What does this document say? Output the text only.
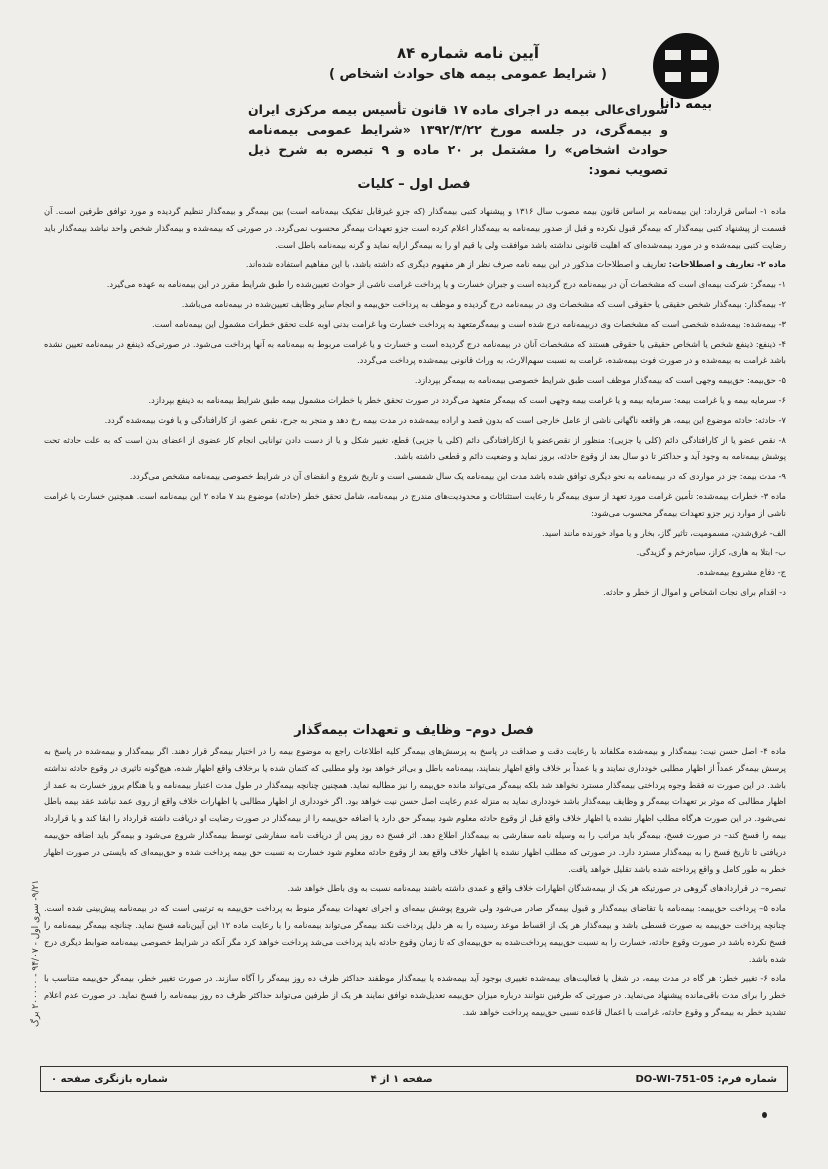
بیمه دانا
آیین نامه شماره ۸۴
( شرایط عمومی بیمه های حوادث اشخاص )
شورای‌عالی بیمه در اجرای ماده ۱۷ قانون تأسیس بیمه مرکزی ایران و بیمه‌گری، در جلسه مورخ ۱۳۹۲/۳/۲۲ «شرایط عمومی بیمه‌نامه حوادث اشخاص» را مشتمل بر ۲۰ ماده و ۹ تبصره به شرح ذیل تصویب نمود:
فصل اول – کلیات

ماده ۱- اساس قرارداد: این بیمه‌نامه بر اساس قانون بیمه مصوب سال ۱۳۱۶ و پیشنهاد کتبی بیمه‌گذار (که جزو غیرقابل تفکیک بیمه‌نامه است) بین بیمه‌گر و بیمه‌گذار تنظیم گردیده و مورد توافق طرفین است. آن قسمت از پیشنهاد کتبی بیمه‌گذار که بیمه‌گر قبول نکرده و قبل از صدور بیمه‌نامه به بیمه‌گذار اعلام کرده است جزو تعهدات بیمه‌گر محسوب نمی‌گردد. در صورتی که بیمه‌شده و بیمه‌گذار شخص واحد نباشد بیمه‌گذار باید رضایت کتبی بیمه‌شده و در مورد بیمه‌شده‌ای که اهلیت قانونی نداشته باشد موافقت ولی یا قیم او را به بیمه‌گر ارایه نماید و گرنه بیمه‌نامه باطل است.

ماده ۲- تعاریف و اصطلاحات: تعاریف و اصطلاحات مذکور در این بیمه نامه صرف نظر از هر مفهوم دیگری که داشته باشد، با این مفاهیم استفاده شده‌اند.

۱- بیمه‌گر: شرکت بیمه‌ای است که مشخصات آن در بیمه‌نامه درج گردیده است و جبران خسارت و یا پرداخت غرامت ناشی از حوادث تعیین‌شده را طبق شرایط مقرر در این بیمه‌نامه به عهده می‌گیرد.

۲- بیمه‌گذار: بیمه‌گذار شخص حقیقی یا حقوقی است که مشخصات وی در بیمه‌نامه درج گردیده و موظف به پرداخت حق‌بیمه و انجام سایر وظایف تعیین‌شده در بیمه‌نامه می‌باشد.

۳- بیمه‌شده: بیمه‌شده شخصی است که مشخصات وی دربیمه‌نامه درج شده است و بیمه‌گرمتعهد به پرداخت خسارت وبا غرامت بدنی اوبه علت تحقق خطرات مشمول این بیمه‌نامه است.

۴- ذینفع: ذینفع شخص یا اشخاص حقیقی یا حقوقی هستند که مشخصات آنان در بیمه‌نامه درج گردیده است و خسارت و یا غرامت مربوط به بیمه‌نامه به آنها پرداخت می‌شود. در صورتی‌که ذینفع در بیمه‌نامه تعیین نشده باشد غرامت به بیمه‌شده و در صورت فوت بیمه‌شده، غرامت به نسبت سهم‌الارث، به وراث قانونی بیمه‌شده پرداخت می‌گردد.

۵- حق‌بیمه: حق‌بیمه وجهی است که بیمه‌گذار موظف است طبق شرایط خصوصی بیمه‌نامه به بیمه‌گر بپردازد.

۶- سرمایه بیمه و یا غرامت بیمه: سرمایه بیمه و یا غرامت بیمه وجهی است که بیمه‌گر متعهد می‌گردد در صورت تحقق خطر یا خطرات مشمول بیمه طبق شرایط بیمه‌نامه به ذینفع بپردازد.

۷- حادثه: حادثه موضوع این بیمه، هر واقعه ناگهانی ناشی از عامل خارجی است که بدون قصد و اراده بیمه‌شده در مدت بیمه رخ دهد و منجر به جرح، نقص عضو، از کارافتادگی و یا فوت بیمه‌شده گردد.

۸- نقص عضو یا از کارافتادگی دائم (کلی یا جزیی): منظور از نقص‌عضو یا ازکارافتادگی دائم (کلی یا جزیی) قطع، تغییر شکل و یا از دست دادن توانایی انجام کار عضوی از اعضای بدن است که به علت حادثه تحت پوشش بیمه‌نامه به وجود آید و حداکثر تا دو سال بعد از وقوع حادثه، بروز نماید و وضعیت دائم و قطعی داشته باشد.

۹- مدت بیمه: جز در مواردی که در بیمه‌نامه به نحو دیگری توافق شده باشد مدت این بیمه‌نامه یک سال شمسی است و تاریخ شروع و انقضای آن در شرایط خصوصی بیمه‌نامه مشخص می‌گردد.

ماده ۳- خطرات بیمه‌شده: تأمین غرامت مورد تعهد از سوی بیمه‌گر با رعایت استثنائات و محدودیت‌های مندرج در بیمه‌نامه، شامل تحقق خطر (حادثه) موضوع بند ۷ ماده ۲ این بیمه‌نامه است. همچنین خسارت یا غرامت ناشی از موارد زیر جزو تعهدات بیمه‌گر محسوب می‌شود:

الف- غرق‌شدن، مسمومیت، تاثیر گاز، بخار و یا مواد خورنده مانند اسید.

ب- ابتلا به هاری، کزاز، سیاه‌زخم و گزیدگی.

ج- دفاع مشروع بیمه‌شده.

د- اقدام برای نجات اشخاص و اموال از خطر و حادثه.

فصل دوم– وظایف و تعهدات بیمه‌گذار

ماده ۴- اصل حسن نیت: بیمه‌گذار و بیمه‌شده مکلفاند با رعایت دقت و صداقت در پاسخ به پرسش‌های بیمه‌گر کلیه اطلاعات راجع به موضوع بیمه را در اختیار بیمه‌گر قرار دهند. اگر بیمه‌گذار و بیمه‌شده در پاسخ به پرسش بیمه‌گر عمداً از اظهار مطلبی خودداری نمایند و یا عمداً بر خلاف واقع اظهار بنمایند، بیمه‌نامه باطل و بی‌اثر خواهد بود ولو مطلبی که کتمان شده یا برخلاف واقع اظهار شده، هیچ‌گونه تاثیری در وقوع حادثه نداشته باشد. در این صورت نه فقط وجوه پرداختی بیمه‌گذار مسترد نخواهد شد بلکه بیمه‌گر می‌تواند مانده حق‌بیمه را نیز مطالبه نماید. همچنین چنانچه بیمه‌گذار در طول مدت اعتبار بیمه‌نامه و یا هنگام بروز خسارت به عمد از اظهار مطالبی که موثر بر تعهدات بیمه‌گر و وظایف بیمه‌گذار باشد خودداری نماید به منزله عدم رعایت اصل حسن نیت خواهد بود. اگر خودداری از اظهار مطالبی یا اظهارات خلاف واقع از روی عمد نباشد عقد بیمه باطل نمی‌شود. در این صورت هرگاه مطلب اظهار نشده یا اظهار خلاف واقع قبل از وقوع حادثه معلوم شود بیمه‌گر حق دارد یا اضافه حق‌بیمه را از بیمه‌گذار در صورت رضایت او دریافت داشته قرارداد را ابقا کند و یا قرارداد بیمه را فسخ کند– در صورت فسخ، بیمه‌گر باید مراتب را به وسیله نامه سفارشی به بیمه‌گذار اطلاع دهد. اثر فسخ ده روز پس از دریافت نامه سفارشی توسط بیمه‌گذار شروع می‌شود و بیمه‌گر باید اضافه حق‌بیمه دریافتی تا تاریخ فسخ را به بیمه‌گذار مسترد دارد. در صورتی که مطلب اظهار نشده یا اظهار خلاف واقع بعد از وقوع حادثه معلوم شود خسارت به نسبت حق بیمه پرداخت شده و حق‌بیمه‌ای که بایستی در صورت اظهار خطر به طور کامل و واقع پرداخته شده باشد تقلیل خواهد یافت.

تبصره– در قراردادهای گروهی در صورتیکه هر یک از بیمه‌شدگان اظهارات خلاف واقع و عمدی داشته باشند بیمه‌نامه نسبت به وی باطل خواهد شد.

ماده ۵– پرداخت حق‌بیمه: بیمه‌نامه با تقاضای بیمه‌گذار و قبول بیمه‌گر صادر می‌شود ولی شروع پوشش بیمه‌ای و اجرای تعهدات بیمه‌گر منوط به پرداخت حق‌بیمه به ترتیبی است که در بیمه‌نامه پیش‌بینی شده است. چنانچه پرداخت حق‌بیمه به صورت قسطی باشد و بیمه‌گذار هر یک از اقساط موعد رسیده را به هر دلیل پرداخت نکند بیمه‌گر می‌تواند بیمه‌نامه را با رعایت ماده ۱۲ این آیین‌نامه فسخ نماید. چنانچه بیمه‌گر بیمه‌نامه را فسخ نکرده باشد در صورت وقوع حادثه، خسارت را به نسبت حق‌بیمه پرداخت‌شده به حق‌بیمه‌ای که تا زمان وقوع حادثه باید پرداخت می‌شد پرداخت خواهد کرد مگر آنکه در شرایط خصوصی بیمه‌نامه ضوابط دیگری درج شده باشد.

ماده ۶- تغییر خطر: هر گاه در مدت بیمه، در شغل یا فعالیت‌های بیمه‌شده تغییری بوجود آید بیمه‌شده یا بیمه‌گذار موظفند حداکثر ظرف ده روز بیمه‌گر را آگاه سازند. در صورت تغییر خطر، بیمه‌گر حق‌بیمه متناسب با خطر را برای مدت باقی‌مانده پیشنهاد می‌نماید. در صورتی که طرفین نتوانند درباره میزان حق‌بیمه تعدیل‌شده توافق نمایند هر یک از طرفین می‌تواند حداکثر ظرف ده روز بیمه‌نامه را فسخ نماید. در صورت عدم اعلام تشدید خطر به بیمه‌گر و وقوع حادثه، غرامت با اعمال قاعده نسبی حق‌بیمه پرداخت خواهد شد.

۹/۲۱- سری اول - ۹۴/۰۷ - ۲۰۰۰۰۰ برگ
شماره فرم: DO-WI-751-05
صفحه ۱ از ۴
شماره بازنگری صفحه ۰
